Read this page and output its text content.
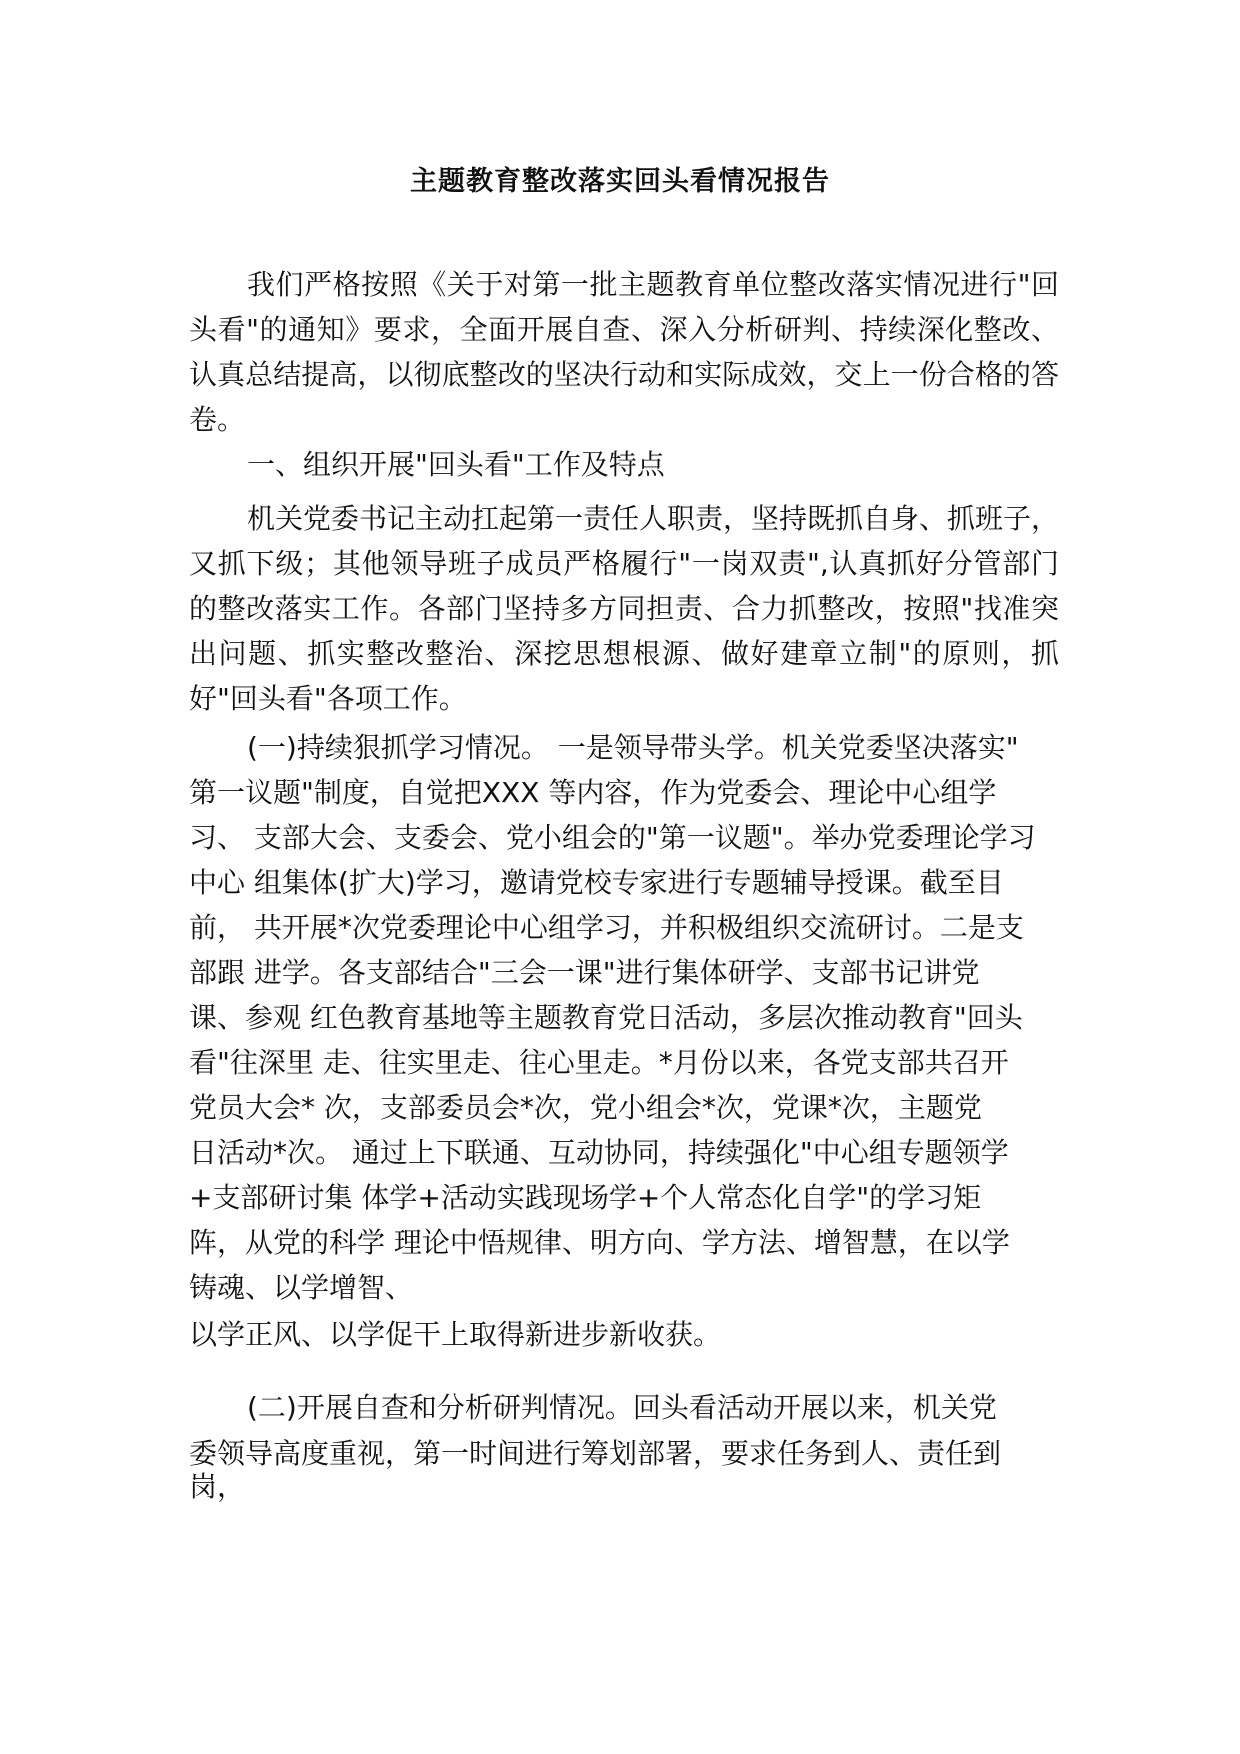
主题教育整改落实回头看情况报告

我们严格按照《关于对第一批主题教育单位整改落实情况进行"回头看"的通知》要求，全面开展自查、深入分析研判、持续深化整改、认真总结提高，以彻底整改的坚决行动和实际成效，交上一份合格的答卷。

一、组织开展"回头看"工作及特点

机关党委书记主动扛起第一责任人职责，坚持既抓自身、抓班子，又抓下级；其他领导班子成员严格履行"一岗双责",认真抓好分管部门的整改落实工作。各部门坚持多方同担责、合力抓整改，按照"找准突出问题、抓实整改整治、深挖思想根源、做好建章立制"的原则，抓好"回头看"各项工作。

(一)持续狠抓学习情况。 一是领导带头学。机关党委坚决落实"
第一议题"制度，自觉把XXX 等内容，作为党委会、理论中心组学
习、 支部大会、支委会、党小组会的"第一议题"。举办党委理论学习
中心 组集体(扩大)学习，邀请党校专家进行专题辅导授课。截至目
前， 共开展*次党委理论中心组学习，并积极组织交流研讨。二是支
部跟 进学。各支部结合"三会一课"进行集体研学、支部书记讲党
课、参观 红色教育基地等主题教育党日活动，多层次推动教育"回头
看"往深里 走、往实里走、往心里走。*月份以来，各党支部共召开
党员大会* 次，支部委员会*次，党小组会*次，党课*次，主题党
日活动*次。 通过上下联通、互动协同，持续强化"中心组专题领学
+支部研讨集 体学+活动实践现场学+个人常态化自学"的学习矩
阵，从党的科学 理论中悟规律、明方向、学方法、增智慧，在以学
铸魂、以学增智、
以学正风、以学促干上取得新进步新收获。
(二)开展自查和分析研判情况。回头看活动开展以来，机关党
委领导高度重视，第一时间进行筹划部署，要求任务到人、责任到
岗，
